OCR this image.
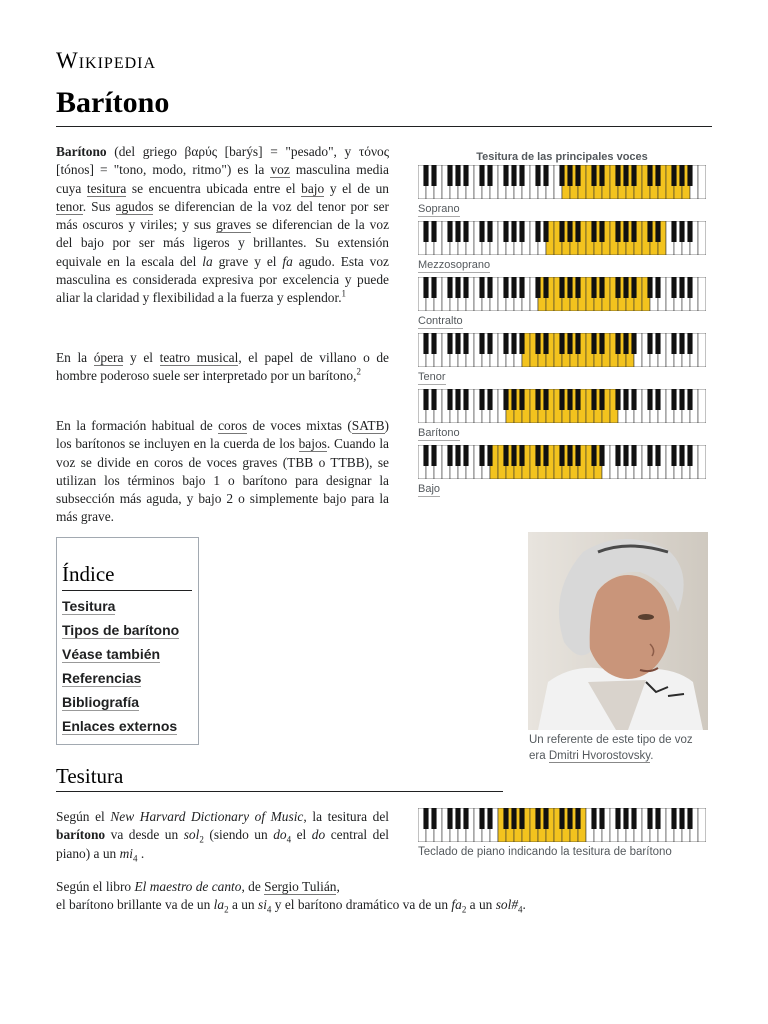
Wikipedia
Barítono

Barítono (del griego βαρύς [barýs] = "pesado", y τόνος [tónos] = "tono, modo, ritmo") es la voz masculina media cuya tesitura se encuentra ubicada entre el bajo y el de un tenor. Sus agudos se diferencian de la voz del tenor por ser más oscuros y viriles; y sus graves se diferencian de la voz del bajo por ser más ligeros y brillantes. Su extensión equivale en la escala del la grave y el fa agudo. Esta voz masculina es considerada expresiva por excelencia y puede aliar la claridad y flexibilidad a la fuerza y esplendor.$^1$

En la ópera y el teatro musical, el papel de villano o de hombre poderoso suele ser interpretado por un barítono,$^2$

En la formación habitual de coros de voces mixtas (SATB) los barítonos se incluyen en la cuerda de los bajos. Cuando la voz se divide en coros de voces graves (TBB o TTBB), se utilizan los términos bajo 1 o barítono para designar la subsección más aguda, y bajo 2 o simplemente bajo para la más grave.

Tesitura de las principales voces
Soprano
Mezzosoprano
Contralto
Tenor
Barítono
Bajo
Índice
Tesitura
Tipos de barítono
Véase también
Referencias
Bibliografía
Enlaces externos
Un referente de este tipo de voz era Dmitri Hvorostovsky.
Tesitura

Según el New Harvard Dictionary of Music, la tesitura del barítono va desde un sol$_2$ (siendo un $do_4$ el do central del piano) a un $mi_4$ .

Según el libro El maestro de canto, de Sergio Tulián,

el barítono brillante va de un $la_2$ a un $si_4$ y el barítono dramático va de un $fa_2$ a un $sol\#_4$.

Teclado de piano indicando la tesitura de barítono
